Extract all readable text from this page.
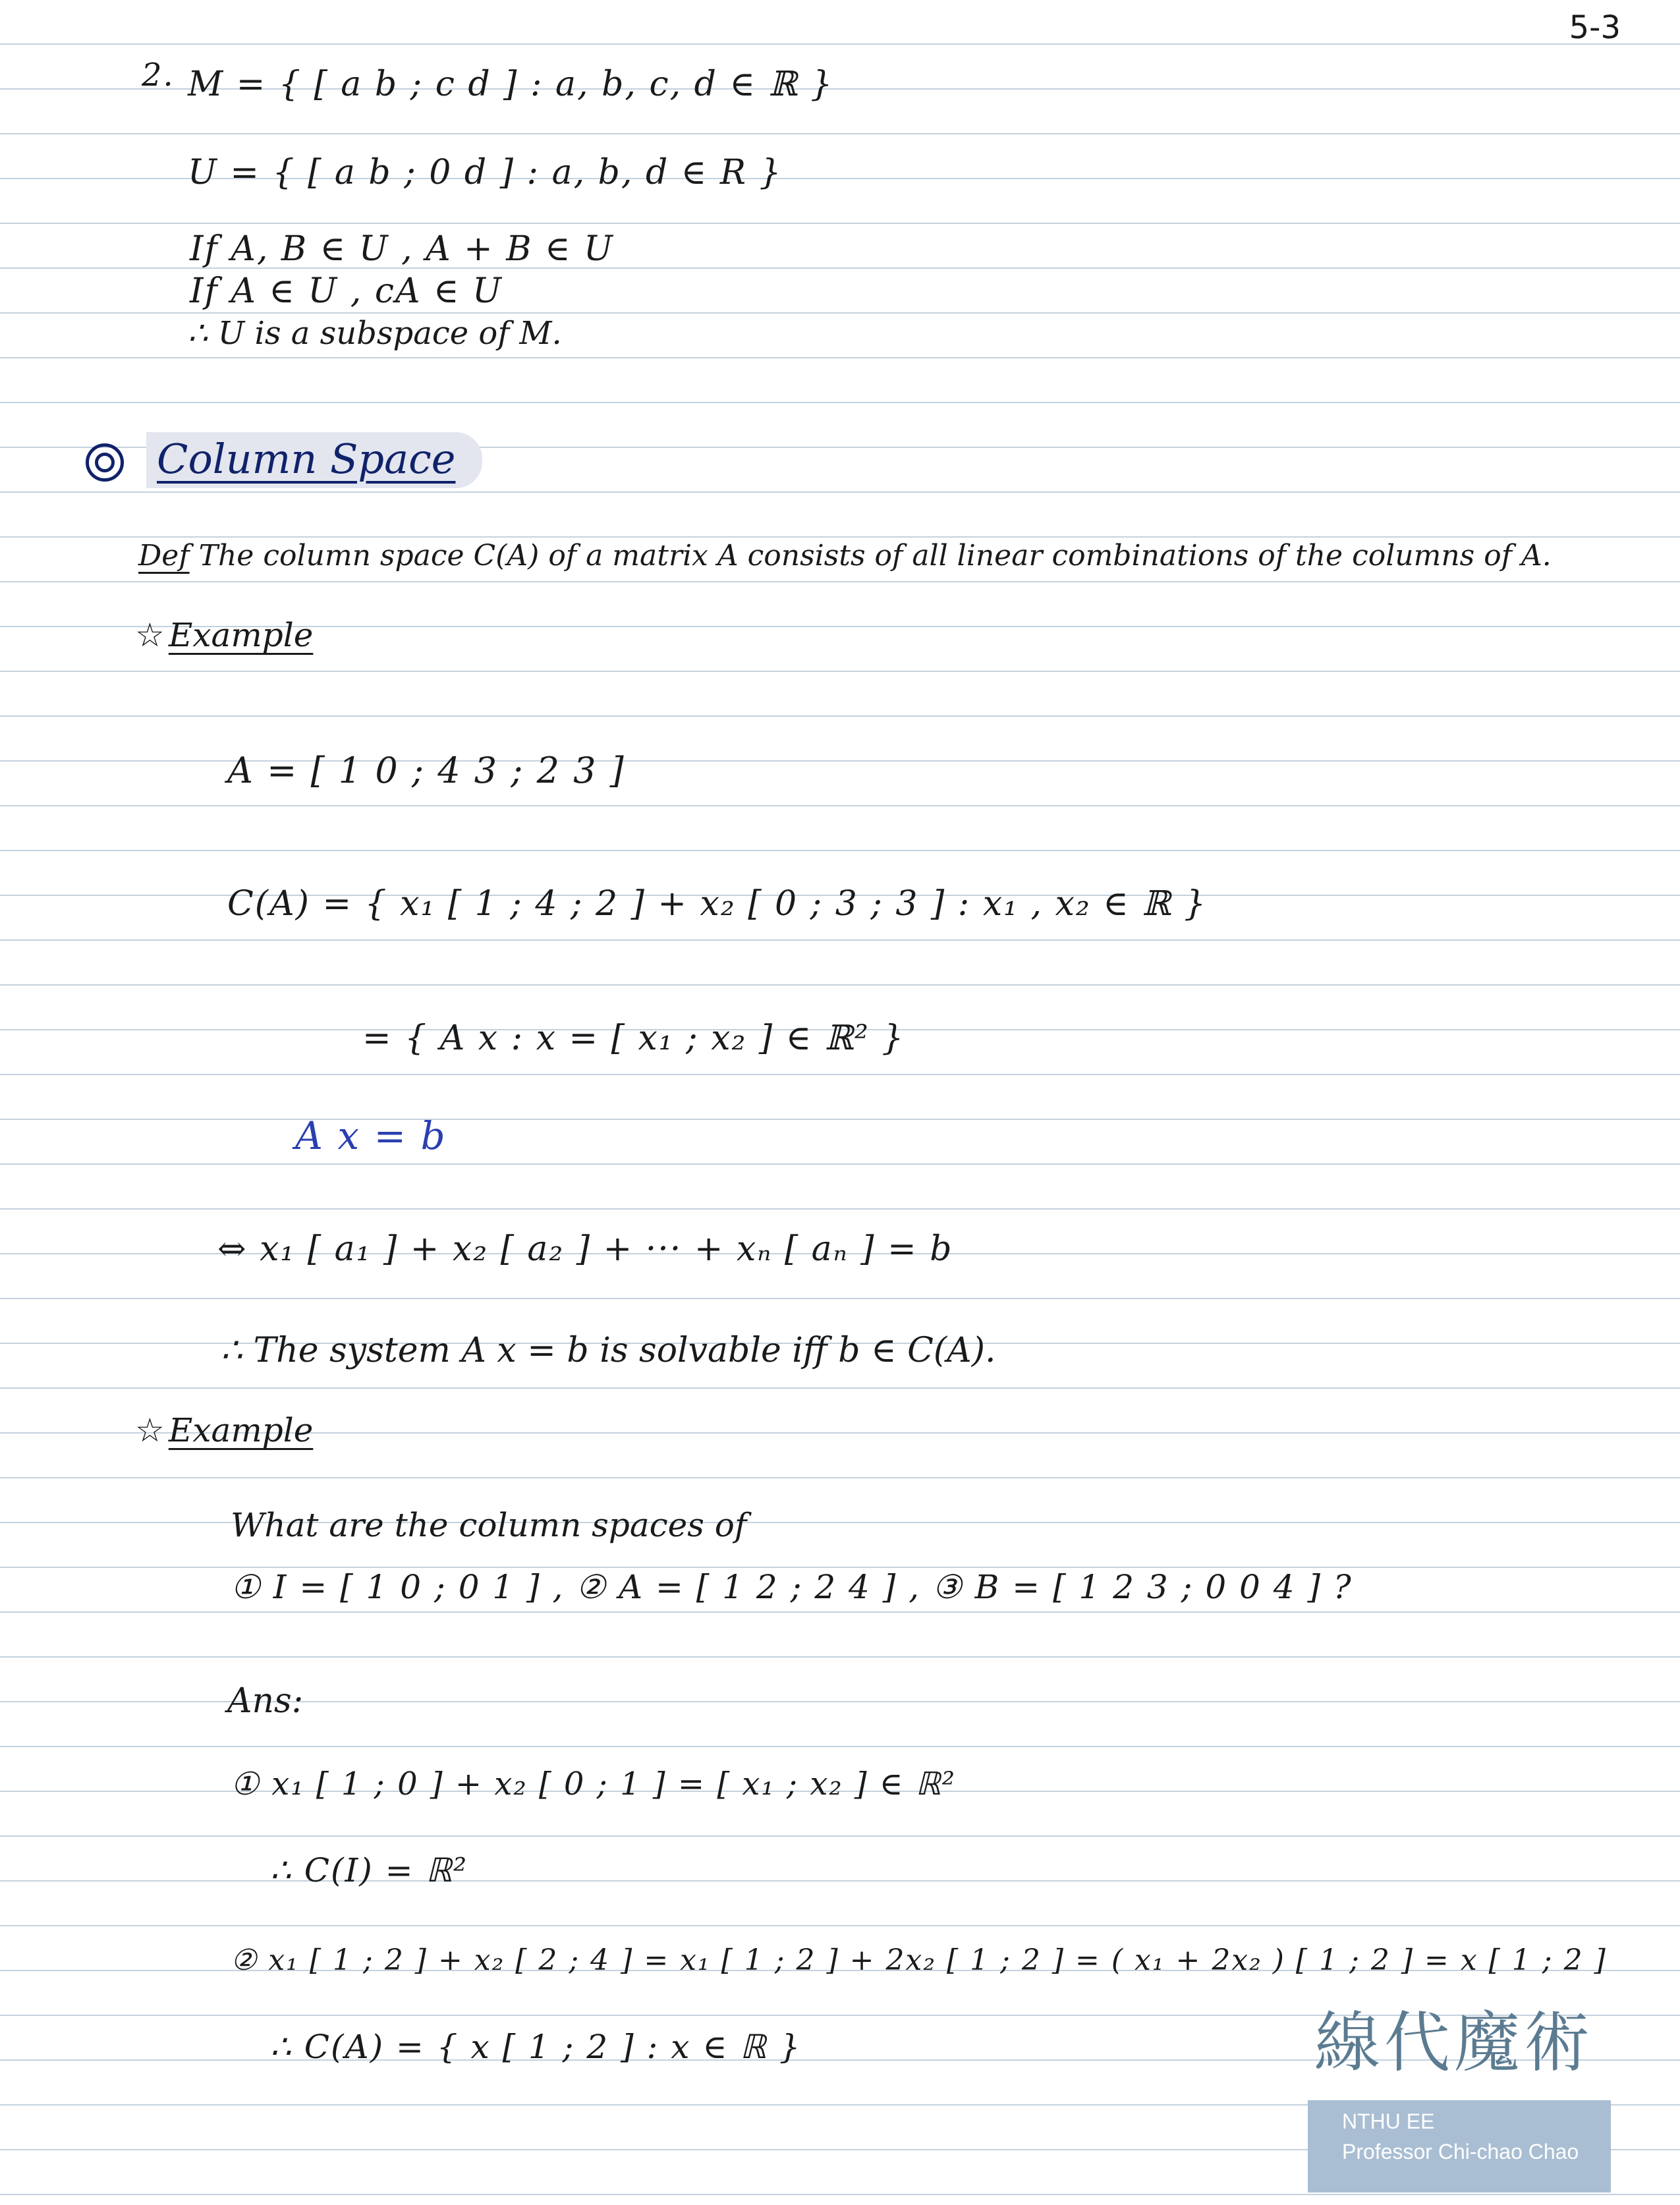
5-3
2. M = { [ a b ; c d ] : a, b, c, d ∈ ℝ }
U = { [ a b ; 0 d ] : a, b, d ∈ R }
If A, B ∈ U , A + B ∈ U
If A ∈ U , cA ∈ U
∴ U is a subspace of M.
Column Space
Def The column space C(A) of a matrix A consists of all linear combinations of the columns of A.
☆ Example
A = [ 1 0 ; 4 3 ; 2 3 ]
C(A) = { x₁ [ 1 ; 4 ; 2 ] + x₂ [ 0 ; 3 ; 3 ] : x₁ , x₂ ∈ ℝ }
= { A x : x = [ x₁ ; x₂ ] ∈ ℝ² }
A x = b
⇔ x₁ [ a₁ ] + x₂ [ a₂ ] + ··· + xₙ [ aₙ ] = b
∴ The system A x = b is solvable iff b ∈ C(A).
☆ Example
What are the column spaces of
① I = [ 1 0 ; 0 1 ] , ② A = [ 1 2 ; 2 4 ] , ③ B = [ 1 2 3 ; 0 0 4 ] ?
Ans:
① x₁ [ 1 ; 0 ] + x₂ [ 0 ; 1 ] = [ x₁ ; x₂ ] ∈ ℝ²
∴ C(I) = ℝ²
② x₁ [ 1 ; 2 ] + x₂ [ 2 ; 4 ] = x₁ [ 1 ; 2 ] + 2x₂ [ 1 ; 2 ] = ( x₁ + 2x₂ ) [ 1 ; 2 ] = x [ 1 ; 2 ]
∴ C(A) = { x [ 1 ; 2 ] : x ∈ ℝ }
NTHU EE
Professor Chi-chao Chao
線代魔術
